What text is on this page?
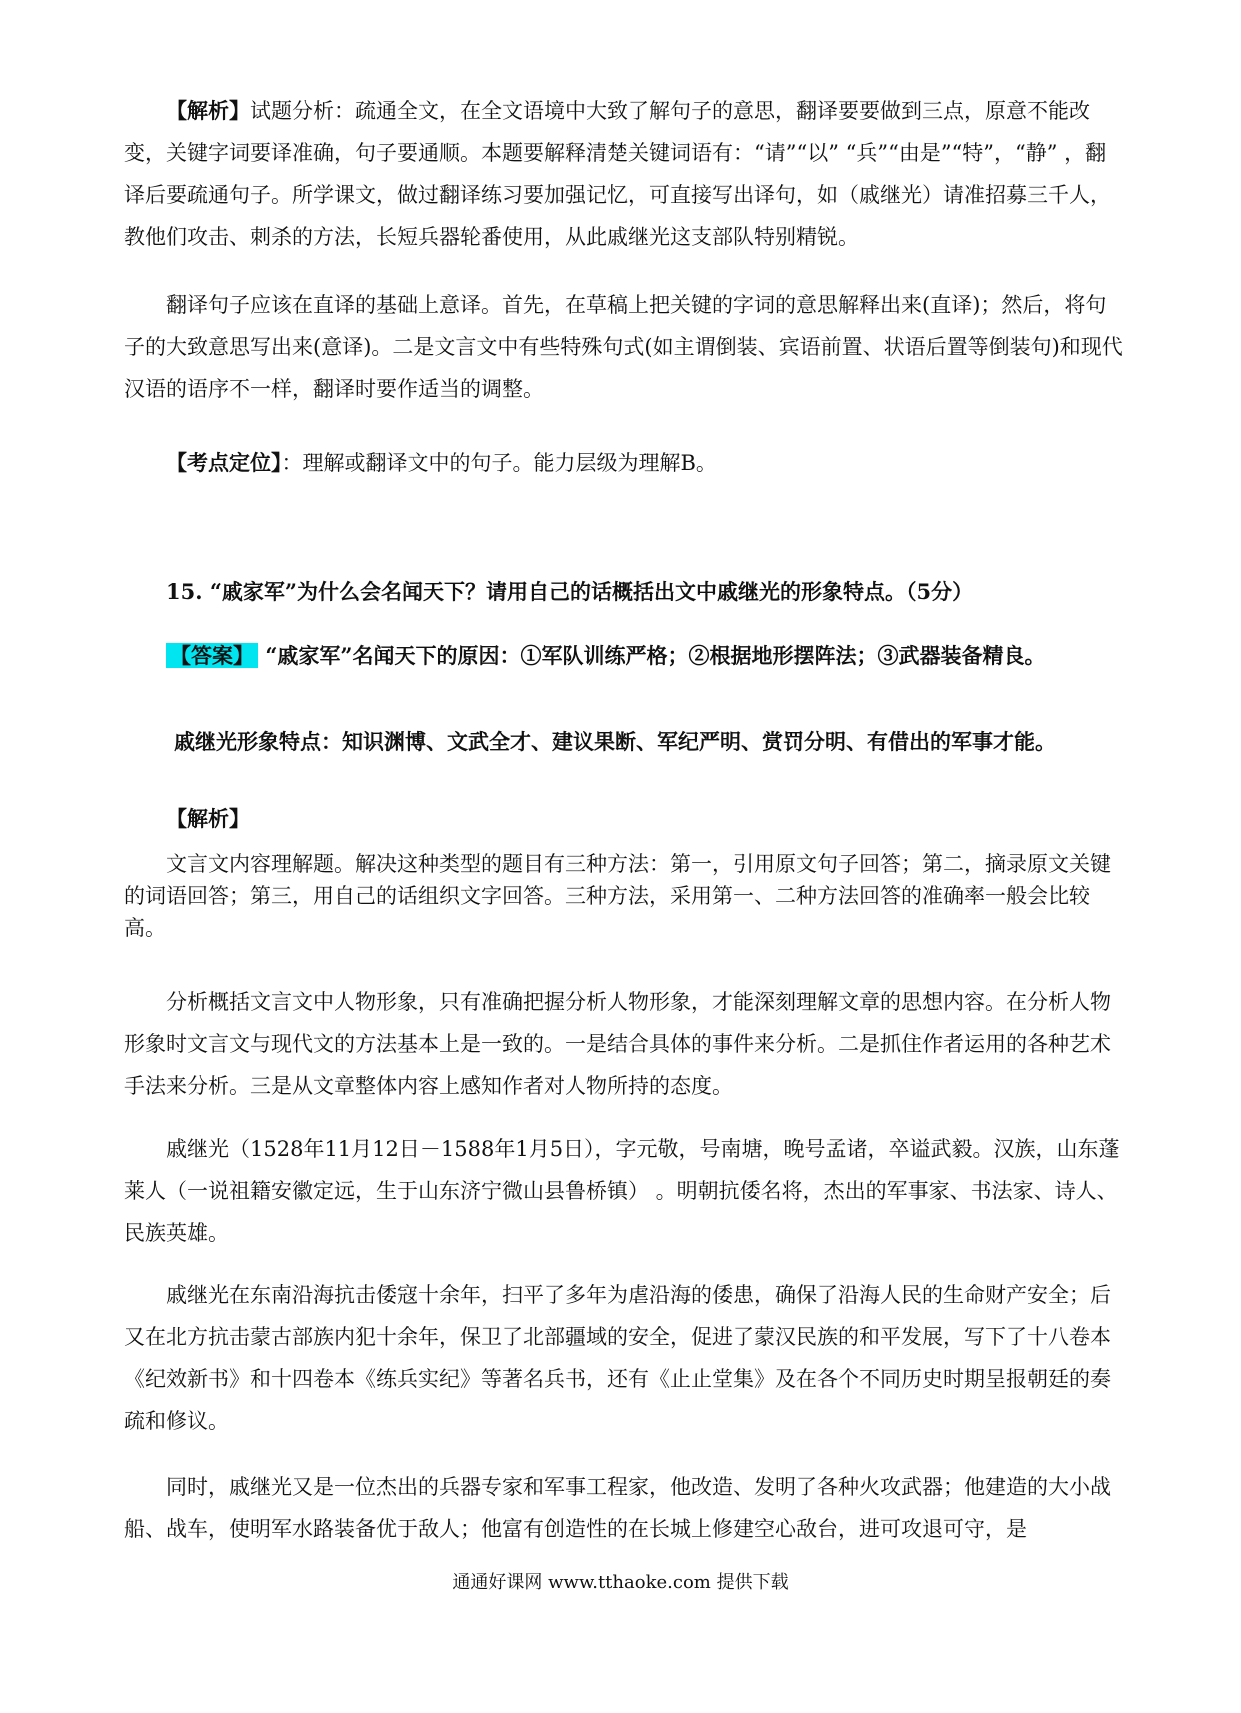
【解析】试题分析：疏通全文，在全文语境中大致了解句子的意思，翻译要要做到三点，原意不能改变，关键字词要译准确，句子要通顺。本题要解释清楚关键词语有：“请”“以” “兵”“由是”“特”，“静” ，翻译后要疏通句子。所学课文，做过翻译练习要加强记忆，可直接写出译句，如（戚继光）请准招募三千人，教他们攻击、刺杀的方法，长短兵器轮番使用，从此戚继光这支部队特别精锐。

翻译句子应该在直译的基础上意译。首先，在草稿上把关键的字词的意思解释出来(直译)；然后，将句子的大致意思写出来(意译)。二是文言文中有些特殊句式(如主谓倒装、宾语前置、状语后置等倒装句)和现代汉语的语序不一样，翻译时要作适当的调整。

【考点定位】：理解或翻译文中的句子。能力层级为理解B。

15. “戚家军”为什么会名闻天下？请用自己的话概括出文中戚继光的形象特点。（5分）

【答案】 “戚家军”名闻天下的原因：①军队训练严格；②根据地形摆阵法；③武器装备精良。

戚继光形象特点：知识渊博、文武全才、建议果断、军纪严明、赏罚分明、有借出的军事才能。

【解析】

文言文内容理解题。解决这种类型的题目有三种方法：第一，引用原文句子回答；第二，摘录原文关键的词语回答；第三，用自己的话组织文字回答。三种方法，采用第一、二种方法回答的准确率一般会比较高。

分析概括文言文中人物形象，只有准确把握分析人物形象，才能深刻理解文章的思想内容。在分析人物形象时文言文与现代文的方法基本上是一致的。一是结合具体的事件来分析。二是抓住作者运用的各种艺术手法来分析。三是从文章整体内容上感知作者对人物所持的态度。

戚继光（1528年11月12日－1588年1月5日），字元敬，号南塘，晚号孟诸，卒谥武毅。汉族，山东蓬莱人（一说祖籍安徽定远，生于山东济宁微山县鲁桥镇） 。明朝抗倭名将，杰出的军事家、书法家、诗人、民族英雄。

戚继光在东南沿海抗击倭寇十余年，扫平了多年为虐沿海的倭患，确保了沿海人民的生命财产安全；后又在北方抗击蒙古部族内犯十余年，保卫了北部疆域的安全，促进了蒙汉民族的和平发展，写下了十八卷本《纪效新书》和十四卷本《练兵实纪》等著名兵书，还有《止止堂集》及在各个不同历史时期呈报朝廷的奏疏和修议。

同时，戚继光又是一位杰出的兵器专家和军事工程家，他改造、发明了各种火攻武器；他建造的大小战船、战车，使明军水路装备优于敌人；他富有创造性的在长城上修建空心敌台，进可攻退可守，是

通通好课网 www.tthaoke.com 提供下载
